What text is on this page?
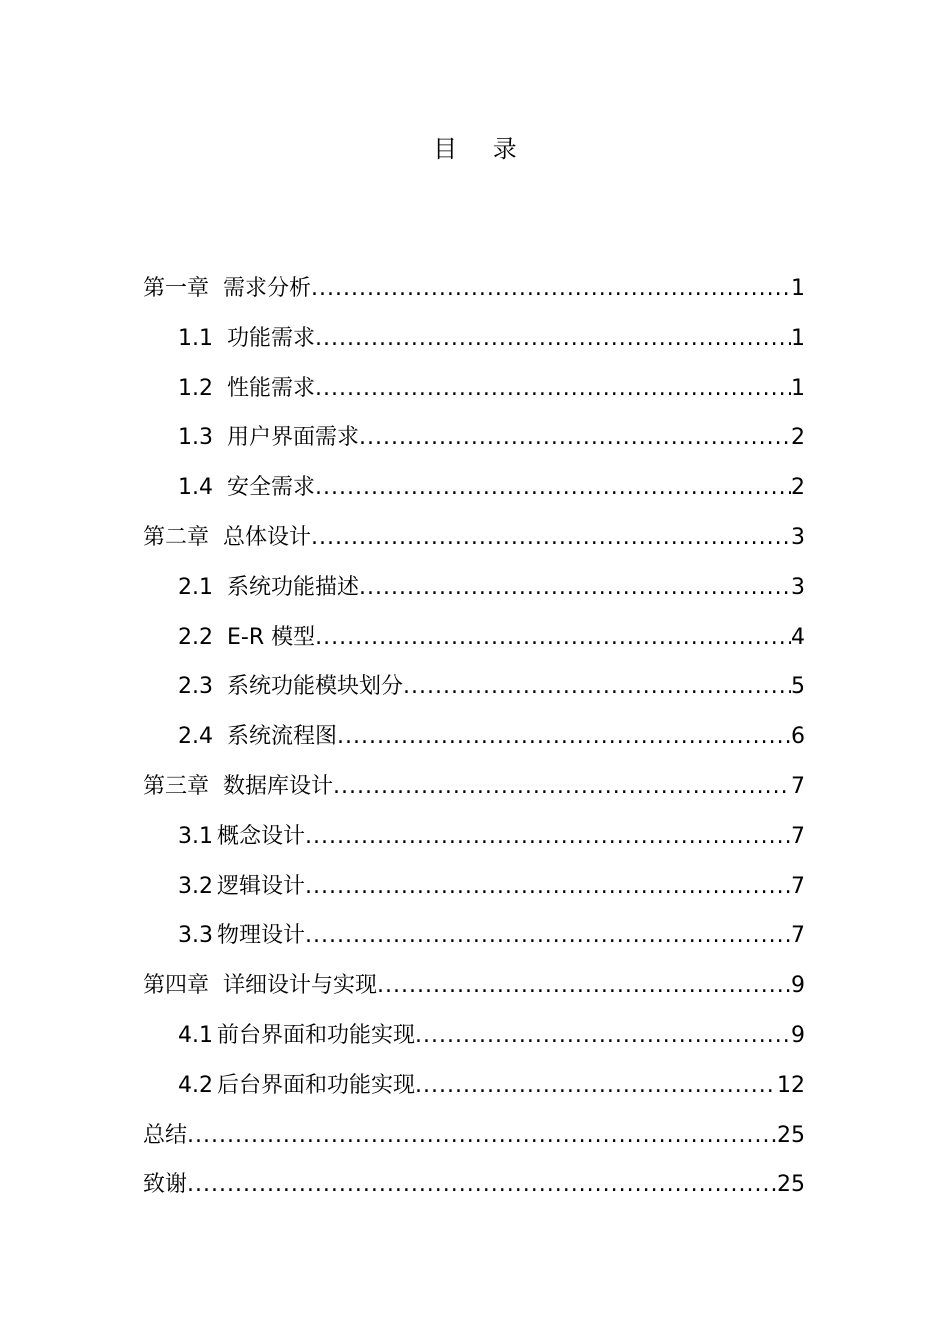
目 录
第一章 需求分析 .....	1
1.1 功能需求 .....	1
1.2 性能需求 .....	1
1.3 用户界面需求 .....	2
1.4 安全需求 .....	2
第二章 总体设计 .....	3
2.1 系统功能描述 .....	3
2.2 E-R 模型 .....	4
2.3 系统功能模块划分 .....	5
2.4 系统流程图 .....	6
第三章 数据库设计 .....	7
3.1 概念设计 .....	7
3.2 逻辑设计 .....	7
3.3 物理设计 .....	7
第四章 详细设计与实现 .....	9
4.1 前台界面和功能实现 .....	9
4.2 后台界面和功能实现 .....	12
总结 .....	25
致谢 .....	25
